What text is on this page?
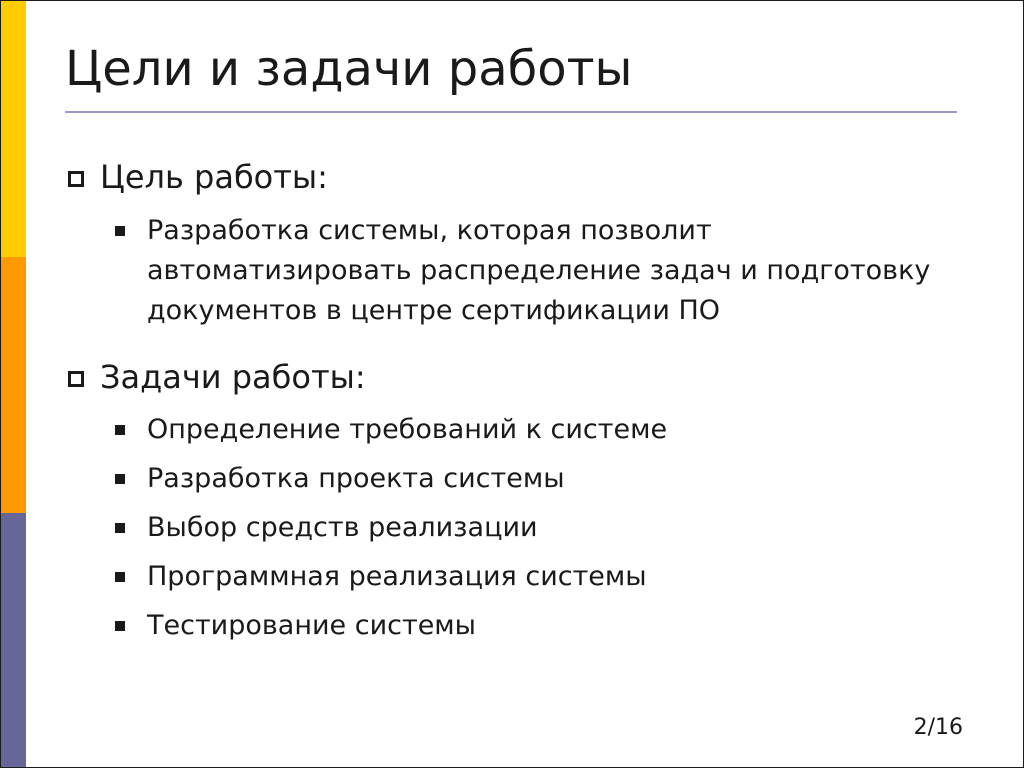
Цели и задачи работы
Цель работы:
Разработка системы, которая позволит автоматизировать распределение задач и подготовку документов в центре сертификации ПО
Задачи работы:
Определение требований к системе
Разработка проекта системы
Выбор средств реализации
Программная реализация системы
Тестирование системы
2/16
